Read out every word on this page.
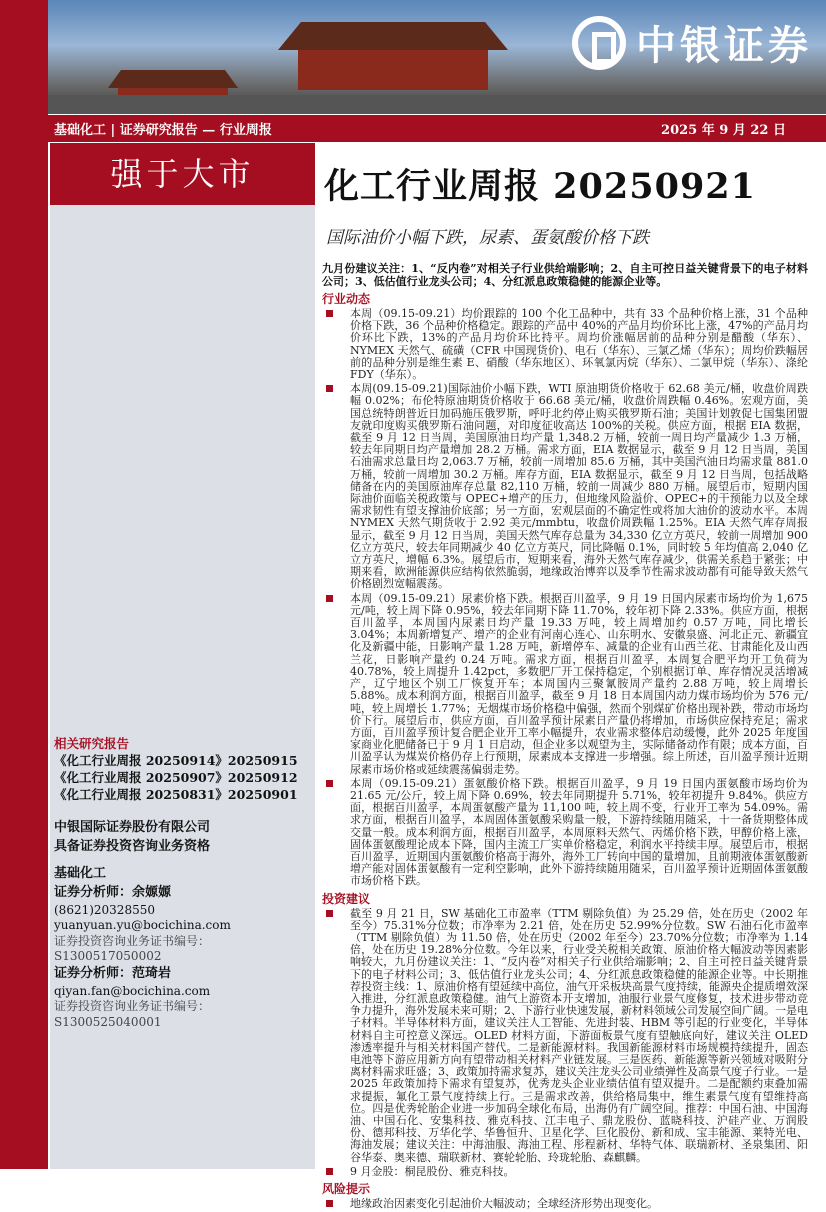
中银证券
基础化工 | 证券研究报告 — 行业周报	2025 年 9 月 22 日
强于大市
相关研究报告
《化工行业周报 20250914》20250915
《化工行业周报 20250907》20250912
《化工行业周报 20250831》20250901
中银国际证券股份有限公司
具备证券投资咨询业务资格
基础化工
证券分析师：余嫄嫄
(8621)20328550
yuanyuan.yu@bocichina.com
证券投资咨询业务证书编号：S1300517050002
证券分析师：范琦岩
qiyan.fan@bocichina.com
证券投资咨询业务证书编号：S1300525040001
化工行业周报 20250921
国际油价小幅下跌，尿素、蛋氨酸价格下跌
九月份建议关注：1、“反内卷”对相关子行业供给端影响；2、自主可控日益关键背景下的电子材料公司；3、低估值行业龙头公司；4、分红派息政策稳健的能源企业等。
行业动态

本周（09.15-09.21）均价跟踪的 100 个化工品种中，共有 33 个品种价格上涨，31 个品种价格下跌，36 个品种价格稳定。跟踪的产品中 40%的产品月均价环比上涨，47%的产品月均价环比下跌，13%的产品月均价环比持平。周均价涨幅居前的品种分别是醋酸（华东）、NYMEX 天然气、硫磺（CFR 中国现货价)、电石（华东）、三氯乙烯（华东）；周均价跌幅居前的品种分别是维生素 E、硝酸（华东地区）、环氧氯丙烷（华东）、二氯甲烷（华东）、涤纶 FDY（华东）。

本周(09.15-09.21)国际油价小幅下跌，WTI 原油期货价格收于 62.68 美元/桶，收盘价周跌幅 0.02%；布伦特原油期货价格收于 66.68 美元/桶，收盘价周跌幅 0.46%。宏观方面，美国总统特朗普近日加码施压俄罗斯，呼吁北约停止购买俄罗斯石油；美国计划敦促七国集团盟友就印度购买俄罗斯石油问题，对印度征收高达 100%的关税。供应方面，根据 EIA 数据，截至 9 月 12 日当周，美国原油日均产量 1,348.2 万桶，较前一周日均产量减少 1.3 万桶，较去年同期日均产量增加 28.2 万桶。需求方面，EIA 数据显示，截至 9 月 12 日当周，美国石油需求总量日均 2,063.7 万桶，较前一周增加 85.6 万桶，其中美国汽油日均需求量 881.0 万桶，较前一周增加 30.2 万桶。库存方面，EIA 数据显示，截至 9 月 12 日当周，包括战略储备在内的美国原油库存总量 82,110 万桶，较前一周减少 880 万桶。展望后市，短期内国际油价面临关税政策与 OPEC+增产的压力，但地缘风险溢价、OPEC+的干预能力以及全球需求韧性有望支撑油价底部；另一方面，宏观层面的不确定性或将加大油价的波动水平。本周 NYMEX 天然气期货收于 2.92 美元/mmbtu，收盘价周跌幅 1.25%。EIA 天然气库存周报显示，截至 9 月 12 日当周，美国天然气库存总量为 34,330 亿立方英尺，较前一周增加 900 亿立方英尺，较去年同期减少 40 亿立方英尺，同比降幅 0.1%，同时较 5 年均值高 2,040 亿立方英尺，增幅 6.3%。展望后市，短期来看，海外天然气库存减少，供需关系趋于紧张；中期来看，欧洲能源供应结构依然脆弱，地缘政治博弈以及季节性需求波动都有可能导致天然气价格剧烈宽幅震荡。

本周（09.15-09.21）尿素价格下跌。根据百川盈孚，9 月 19 日国内尿素市场均价为 1,675 元/吨，较上周下降 0.95%，较去年同期下降 11.70%，较年初下降 2.33%。供应方面，根据百川盈孚，本周国内尿素日均产量 19.33 万吨，较上周增加约 0.57 万吨，同比增长 3.04%；本周新增复产、增产的企业有河南心连心、山东明水、安徽泉盛、河北正元、新疆宜化及新疆中能，日影响产量 1.28 万吨，新增停车、减量的企业有山西兰花、甘肃能化及山西兰花，日影响产量约 0.24 万吨。需求方面，根据百川盈孚，本周复合肥平均开工负荷为 40.78%，较上周提升 1.42pct，多数肥厂开工保持稳定，个别根据订单、库存情况灵活增减产，辽宁地区个别工厂恢复开车；本周国内三聚氰胺周产量约 2.88 万吨，较上周增长 5.88%。成本利润方面，根据百川盈孚，截至 9 月 18 日本周国内动力煤市场均价为 576 元/吨，较上周增长 1.77%；无烟煤市场价格稳中偏强，然而个别煤矿价格出现补跌，带动市场均价下行。展望后市，供应方面，百川盈孚预计尿素日产量仍将增加，市场供应保持充足；需求方面，百川盈孚预计复合肥企业开工率小幅提升，农业需求整体启动缓慢，此外 2025 年度国家商业化肥储备已于 9 月 1 日启动，但企业多以观望为主，实际储备动作有限；成本方面，百川盈孚认为煤炭价格仍存上行预期，尿素成本支撑进一步增强。综上所述，百川盈孚预计近期尿素市场价格或延续震荡偏弱走势。

本周（09.15-09.21）蛋氨酸价格下跌。根据百川盈孚，9 月 19 日国内蛋氨酸市场均价为 21.65 元/公斤，较上周下降 0.69%，较去年同期提升 5.71%，较年初提升 9.84%。供应方面，根据百川盈孚，本周蛋氨酸产量为 11,100 吨，较上周不变，行业开工率为 54.09%。需求方面，根据百川盈孚，本周固体蛋氨酸采购量一般，下游持续随用随采，十一备货期整体成交量一般。成本利润方面，根据百川盈孚，本周原料天然气、丙烯价格下跌，甲醇价格上涨，固体蛋氨酸理论成本下降，国内主流工厂实单价格稳定，利润水平持续丰厚。展望后市，根据百川盈孚，近期国内蛋氨酸价格高于海外，海外工厂转向中国的量增加，且前期液体蛋氨酸新增产能对固体蛋氨酸有一定利空影响，此外下游持续随用随采，百川盈孚预计近期固体蛋氨酸市场价格下跌。

投资建议

截至 9 月 21 日，SW 基础化工市盈率（TTM 剔除负值）为 25.29 倍，处在历史（2002 年至今）75.31%分位数；市净率为 2.21 倍，处在历史 52.99%分位数。SW 石油石化市盈率（TTM 剔除负值）为 11.50 倍，处在历史（2002 年至今）23.70%分位数；市净率为 1.14 倍，处在历史 19.28%分位数。今年以来，行业受关税相关政策、原油价格大幅波动等因素影响较大，九月份建议关注：1、“反内卷”对相关子行业供给端影响；2、自主可控日益关键背景下的电子材料公司；3、低估值行业龙头公司；4、分红派息政策稳健的能源企业等。中长期推荐投资主线：1、原油价格有望延续中高位，油气开采板块高景气度持续，能源央企提质增效深入推进，分红派息政策稳健。油气上游资本开支增加，油服行业景气度修复，技术进步带动竞争力提升，海外发展未来可期；2、下游行业快速发展，新材料领域公司发展空间广阔。一是电子材料。半导体材料方面，建议关注人工智能、先进封装、HBM 等引起的行业变化，半导体材料自主可控意义深远。OLED 材料方面，下游面板景气度有望触底向好，建议关注 OLED 渗透率提升与相关材料国产替代。二是新能源材料。我国新能源材料市场规模持续提升，固态电池等下游应用新方向有望带动相关材料产业链发展。三是医药、新能源等新兴领域对吸附分离材料需求旺盛；3、政策加持需求复苏，建议关注龙头公司业绩弹性及高景气度子行业。一是 2025 年政策加持下需求有望复苏，优秀龙头企业业绩估值有望双提升。二是配额约束叠加需求提振，氟化工景气度持续上行。三是需求改善，供给格局集中，维生素景气度有望维持高位。四是优秀轮胎企业进一步加码全球化布局，出海仍有广阔空间。推荐：中国石油、中国海油、中国石化、安集科技、雅克科技、江丰电子、鼎龙股份、蓝晓科技、沪硅产业、万润股份、德邦科技、万华化学、华鲁恒升、卫星化学、巨化股份、新和成、宝丰能源、莱特光电、海油发展；建议关注：中海油服、海油工程、彤程新材、华特气体、联瑞新材、圣泉集团、阳谷华泰、奥来德、瑞联新材、赛轮轮胎、玲珑轮胎、森麒麟。

9 月金股：桐昆股份、雅克科技。

风险提示

地缘政治因素变化引起油价大幅波动；全球经济形势出现变化。
